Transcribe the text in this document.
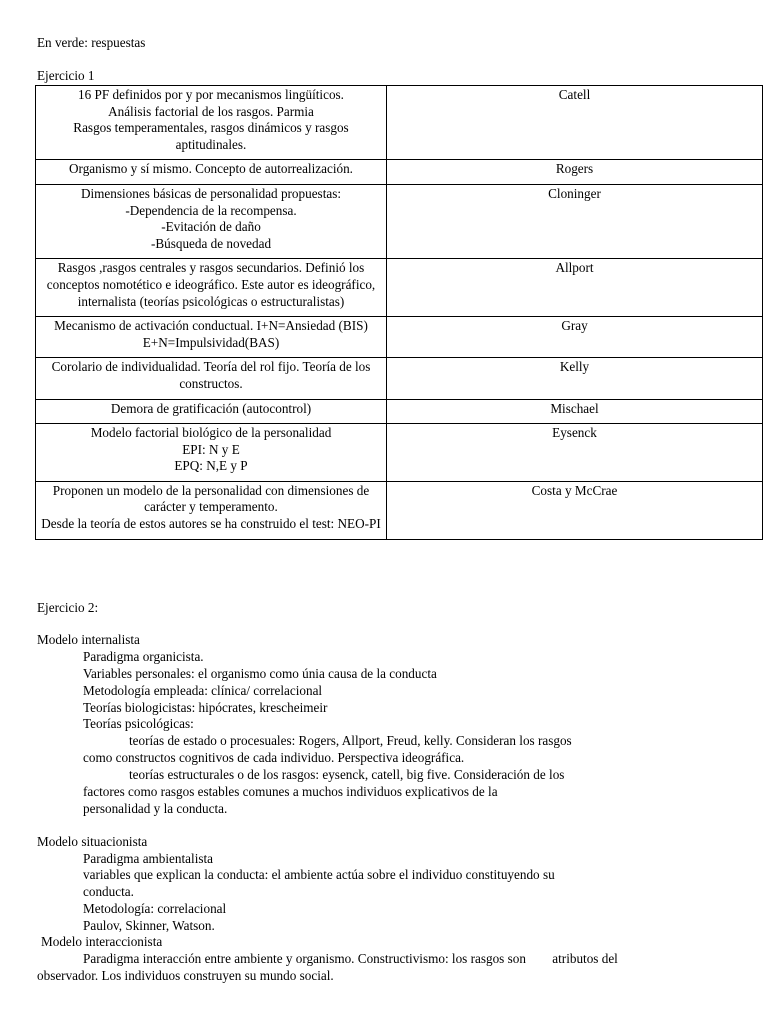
En verde: respuestas
Ejercicio 1
16 PF definidos por y por mecanismos lingüíticos.
Análisis factorial de los rasgos. Parmia
Rasgos temperamentales, rasgos dinámicos y rasgos aptitudinales.	Catell

Organismo y sí mismo. Concepto de autorrealización.	Rogers

Dimensiones básicas de personalidad propuestas:
-Dependencia de la recompensa.
-Evitación de daño
-Búsqueda de novedad	Cloninger

Rasgos ,rasgos centrales y rasgos secundarios. Definió los conceptos nomotético e ideográfico. Este autor es ideográfico, internalista (teorías psicológicas o estructuralistas)	Allport

Mecanismo de activación conductual. I+N=Ansiedad (BIS)
E+N=Impulsividad(BAS)	Gray

Corolario de individualidad. Teoría del rol fijo. Teoría de los constructos.	Kelly

Demora de gratificación (autocontrol)	Mischael

Modelo factorial biológico de la personalidad
EPI: N y E
EPQ: N,E y P	Eysenck

Proponen un modelo de la personalidad con dimensiones de carácter y temperamento.
Desde la teoría de estos autores se ha construido el test: NEO-PI	Costa y McCrae
Ejercicio 2:
Modelo internalista
Paradigma organicista.
Variables personales: el organismo como únia causa de la conducta
Metodología empleada: clínica/ correlacional
Teorías biologicistas: hipócrates, krescheimeir
Teorías psicológicas:
teorías de estado o procesuales: Rogers, Allport, Freud, kelly. Consideran los rasgos
como constructos cognitivos de cada individuo. Perspectiva ideográfica.
teorías estructurales o de los rasgos: eysenck, catell, big five. Consideración de los
factores como rasgos estables comunes a muchos individuos explicativos de la
personalidad y la conducta.
Modelo situacionista
Paradigma ambientalista
variables que explican la conducta: el ambiente actúa sobre el individuo constituyendo su
conducta.
Metodología: correlacional
Paulov, Skinner, Watson.
Modelo interaccionista
Paradigma interacción entre ambiente y organismo. Constructivismo: los rasgos son        atributos del
observador. Los individuos construyen su mundo social.
